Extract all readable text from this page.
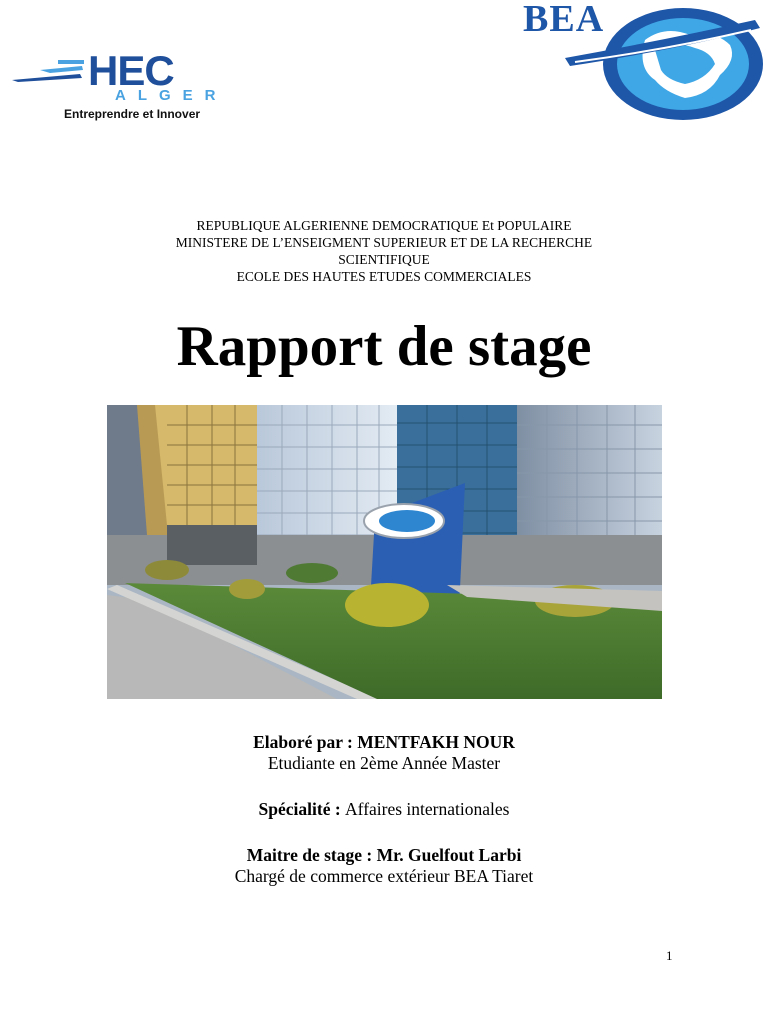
HEC
ALGER
Entreprendre et Innover
BEA
REPUBLIQUE ALGERIENNE DEMOCRATIQUE Et POPULAIRE
MINISTERE DE L’ENSEIGMENT SUPERIEUR ET DE LA RECHERCHE
SCIENTIFIQUE
ECOLE DES HAUTES ETUDES COMMERCIALES
Rapport de stage
Elaboré par : MENTFAKH NOUR
Etudiante en 2ème Année Master
Spécialité : Affaires internationales
Maitre de stage : Mr. Guelfout Larbi
Chargé de commerce extérieur BEA Tiaret
1
